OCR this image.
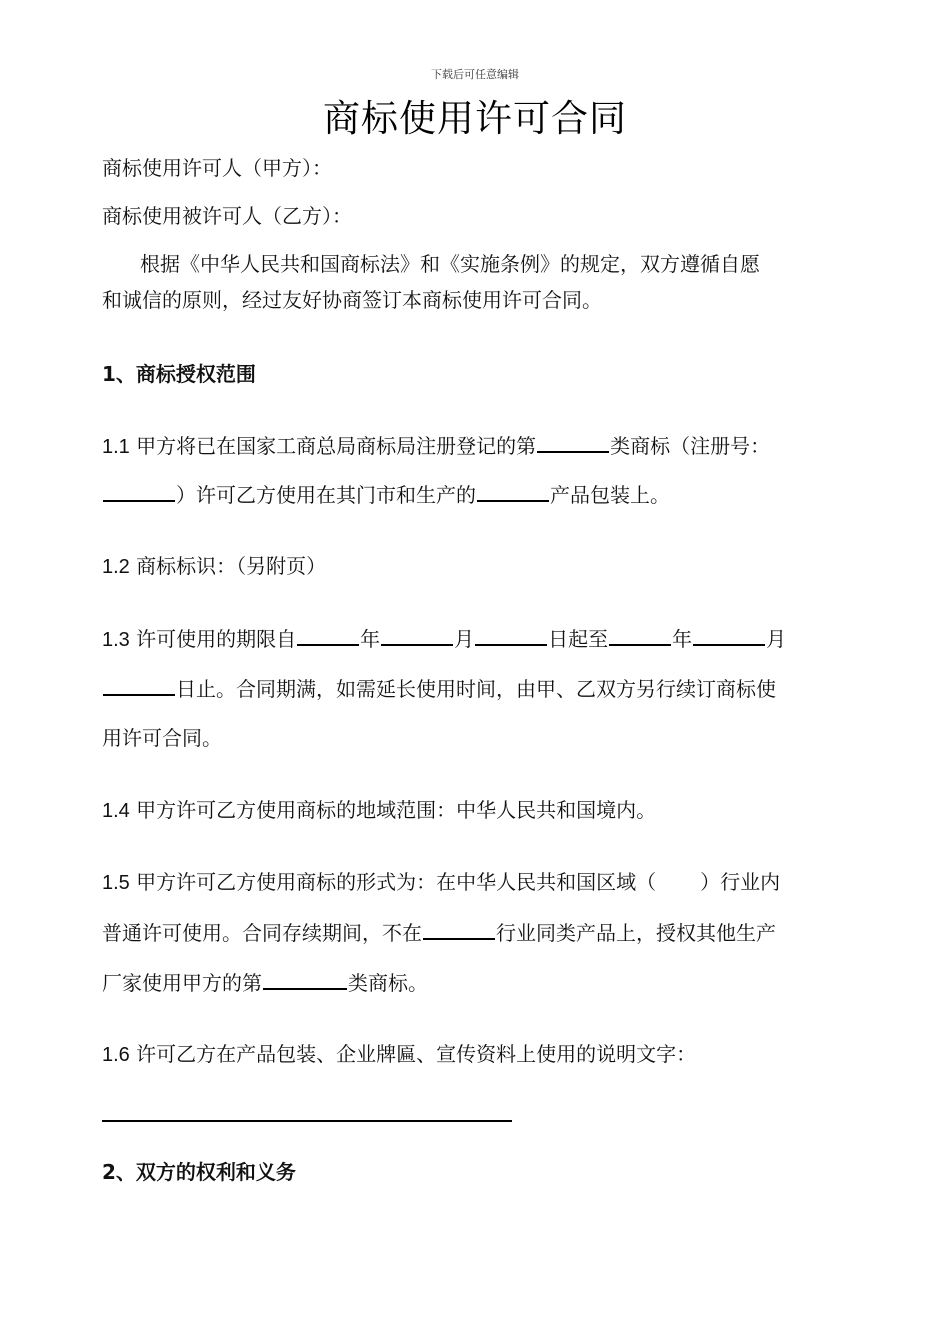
下载后可任意编辑
商标使用许可合同
商标使用许可人（甲方）：
商标使用被许可人（乙方）：
根据《中华人民共和国商标法》和《实施条例》的规定，双方遵循自愿
和诚信的原则，经过友好协商签订本商标使用许可合同。
1、商标授权范围
1.1 甲方将已在国家工商总局商标局注册登记的第	类商标（注册号：
）许可乙方使用在其门市和生产的	产品包装上。
1.2 商标标识：（另附页）
1.3 许可使用的期限自	年	月	日起至	年	月
日止。合同期满，如需延长使用时间，由甲、乙双方另行续订商标使
用许可合同。
1.4 甲方许可乙方使用商标的地域范围：中华人民共和国境内。
1.5 甲方许可乙方使用商标的形式为：在中华人民共和国区域（ ）行业内
普通许可使用。合同存续期间，不在	行业同类产品上，授权其他生产
厂家使用甲方的第	类商标。
1.6 许可乙方在产品包装、企业牌匾、宣传资料上使用的说明文字：
2、双方的权利和义务
